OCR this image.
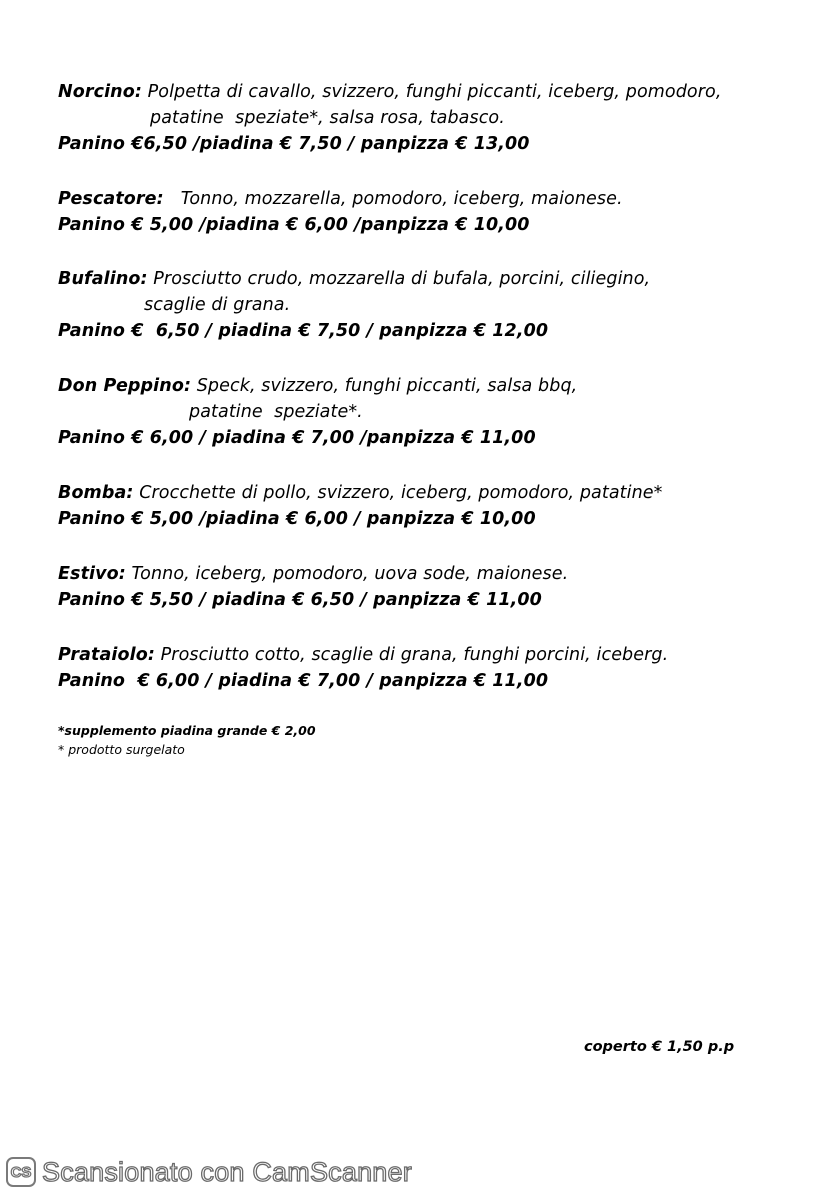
Norcino: Polpetta di cavallo, svizzero, funghi piccanti, iceberg, pomodoro,
patatine  speziate*, salsa rosa, tabasco.
Panino €6,50 /piadina € 7,50 / panpizza € 13,00
Pescatore:   Tonno, mozzarella, pomodoro, iceberg, maionese.
Panino € 5,00 /piadina € 6,00 /panpizza € 10,00
Bufalino: Prosciutto crudo, mozzarella di bufala, porcini, ciliegino,
scaglie di grana.
Panino €  6,50 / piadina € 7,50 / panpizza € 12,00
Don Peppino: Speck, svizzero, funghi piccanti, salsa bbq,
patatine  speziate*.
Panino € 6,00 / piadina € 7,00 /panpizza € 11,00
Bomba: Crocchette di pollo, svizzero, iceberg, pomodoro, patatine*
Panino € 5,00 /piadina € 6,00 / panpizza € 10,00
Estivo: Tonno, iceberg, pomodoro, uova sode, maionese.
Panino € 5,50 / piadina € 6,50 / panpizza € 11,00
Prataiolo: Prosciutto cotto, scaglie di grana, funghi porcini, iceberg.
Panino  € 6,00 / piadina € 7,00 / panpizza € 11,00
*supplemento piadina grande € 2,00
* prodotto surgelato
coperto € 1,50 p.p
CS Scansionato con CamScanner
